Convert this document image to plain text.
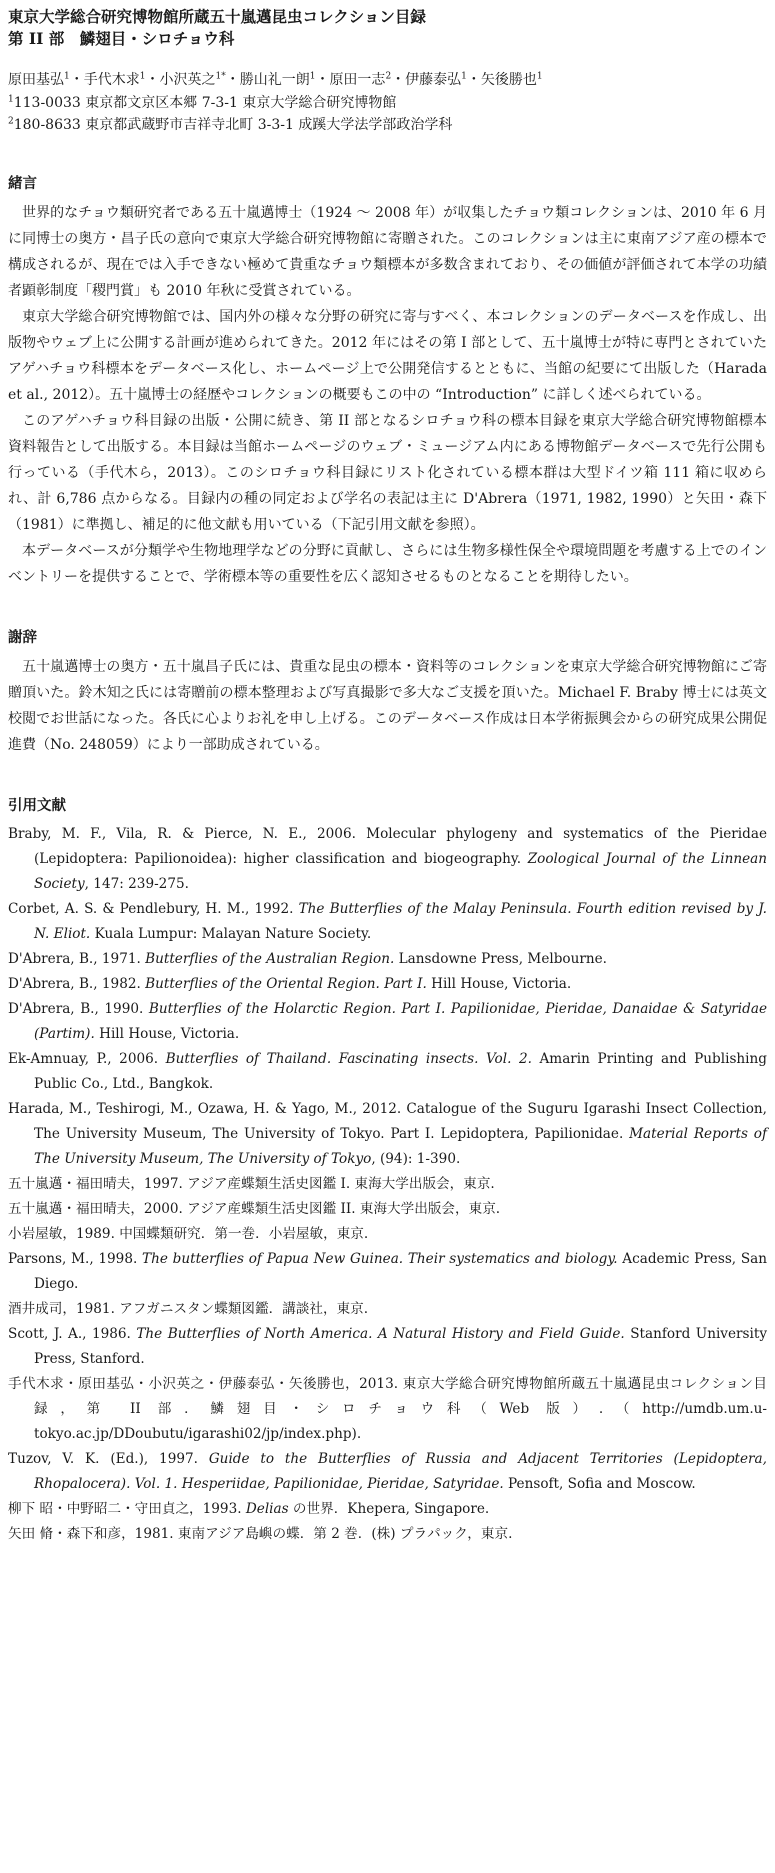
東京大学総合研究博物館所蔵五十嵐邁昆虫コレクション目録
第 II 部　鱗翅目・シロチョウ科
原田基弘$^1$・手代木求$^1$・小沢英之$^{1*}$・勝山礼一朗$^1$・原田一志$^2$・伊藤泰弘$^1$・矢後勝也$^1$
$^1$113-0033 東京都文京区本郷 7-3-1 東京大学総合研究博物館
$^2$180-8633 東京都武蔵野市吉祥寺北町 3-3-1 成蹊大学法学部政治学科
緒言

世界的なチョウ類研究者である五十嵐邁博士（1924 ～ 2008 年）が収集したチョウ類コレクションは、2010 年 6 月に同博士の奥方・昌子氏の意向で東京大学総合研究博物館に寄贈された。このコレクションは主に東南アジア産の標本で構成されるが、現在では入手できない極めて貴重なチョウ類標本が多数含まれており、その価値が評価されて本学の功績者顕彰制度「稷門賞」も 2010 年秋に受賞されている。

東京大学総合研究博物館では、国内外の様々な分野の研究に寄与すべく、本コレクションのデータベースを作成し、出版物やウェブ上に公開する計画が進められてきた。2012 年にはその第 I 部として、五十嵐博士が特に専門とされていたアゲハチョウ科標本をデータベース化し、ホームページ上で公開発信するとともに、当館の紀要にて出版した（Harada et al., 2012）。五十嵐博士の経歴やコレクションの概要もこの中の “Introduction” に詳しく述べられている。

このアゲハチョウ科目録の出版・公開に続き、第 II 部となるシロチョウ科の標本目録を東京大学総合研究博物館標本資料報告として出版する。本目録は当館ホームページのウェブ・ミュージアム内にある博物館データベースで先行公開も行っている（手代木ら，2013）。このシロチョウ科目録にリスト化されている標本群は大型ドイツ箱 111 箱に収められ、計 6,786 点からなる。目録内の種の同定および学名の表記は主に D'Abrera（1971, 1982, 1990）と矢田・森下（1981）に準拠し、補足的に他文献も用いている（下記引用文献を参照）。

本データベースが分類学や生物地理学などの分野に貢献し、さらには生物多様性保全や環境問題を考慮する上でのインベントリーを提供することで、学術標本等の重要性を広く認知させるものとなることを期待したい。

謝辞

五十嵐邁博士の奥方・五十嵐昌子氏には、貴重な昆虫の標本・資料等のコレクションを東京大学総合研究博物館にご寄贈頂いた。鈴木知之氏には寄贈前の標本整理および写真撮影で多大なご支援を頂いた。Michael F. Braby 博士には英文校閲でお世話になった。各氏に心よりお礼を申し上げる。このデータベース作成は日本学術振興会からの研究成果公開促進費（No. 248059）により一部助成されている。

引用文献
Braby, M. F., Vila, R. & Pierce, N. E., 2006. Molecular phylogeny and systematics of the Pieridae (Lepidoptera: Papilionoidea): higher classification and biogeography. Zoological Journal of the Linnean Society, 147: 239-275.
Corbet, A. S. & Pendlebury, H. M., 1992. The Butterflies of the Malay Peninsula. Fourth edition revised by J. N. Eliot. Kuala Lumpur: Malayan Nature Society.
D'Abrera, B., 1971. Butterflies of the Australian Region. Lansdowne Press, Melbourne.
D'Abrera, B., 1982. Butterflies of the Oriental Region. Part I. Hill House, Victoria.
D'Abrera, B., 1990. Butterflies of the Holarctic Region. Part I. Papilionidae, Pieridae, Danaidae & Satyridae (Partim). Hill House, Victoria.
Ek-Amnuay, P., 2006. Butterflies of Thailand. Fascinating insects. Vol. 2. Amarin Printing and Publishing Public Co., Ltd., Bangkok.
Harada, M., Teshirogi, M., Ozawa, H. & Yago, M., 2012. Catalogue of the Suguru Igarashi Insect Collection, The University Museum, The University of Tokyo. Part I. Lepidoptera, Papilionidae. Material Reports of The University Museum, The University of Tokyo, (94): 1-390.
五十嵐邁・福田晴夫，1997. アジア産蝶類生活史図鑑 I. 東海大学出版会，東京.
五十嵐邁・福田晴夫，2000. アジア産蝶類生活史図鑑 II. 東海大学出版会，東京.
小岩屋敏，1989. 中国蝶類研究．第一巻．小岩屋敏，東京.
Parsons, M., 1998. The butterflies of Papua New Guinea. Their systematics and biology. Academic Press, San Diego.
酒井成司，1981. アフガニスタン蝶類図鑑．講談社，東京.
Scott, J. A., 1986. The Butterflies of North America. A Natural History and Field Guide. Stanford University Press, Stanford.
手代木求・原田基弘・小沢英之・伊藤泰弘・矢後勝也，2013. 東京大学総合研究博物館所蔵五十嵐邁昆虫コレクション目録，第 II 部．鱗翅目・シロチョウ科（Web 版）.（http://umdb.um.u-tokyo.ac.jp/DDoubutu/igarashi02/jp/index.php).
Tuzov, V. K. (Ed.), 1997. Guide to the Butterflies of Russia and Adjacent Territories (Lepidoptera, Rhopalocera). Vol. 1. Hesperiidae, Papilionidae, Pieridae, Satyridae. Pensoft, Sofia and Moscow.
柳下 昭・中野昭二・守田貞之，1993. Delias の世界．Khepera, Singapore.
矢田 脩・森下和彦，1981. 東南アジア島嶼の蝶．第 2 巻．(株) プラパック，東京.
